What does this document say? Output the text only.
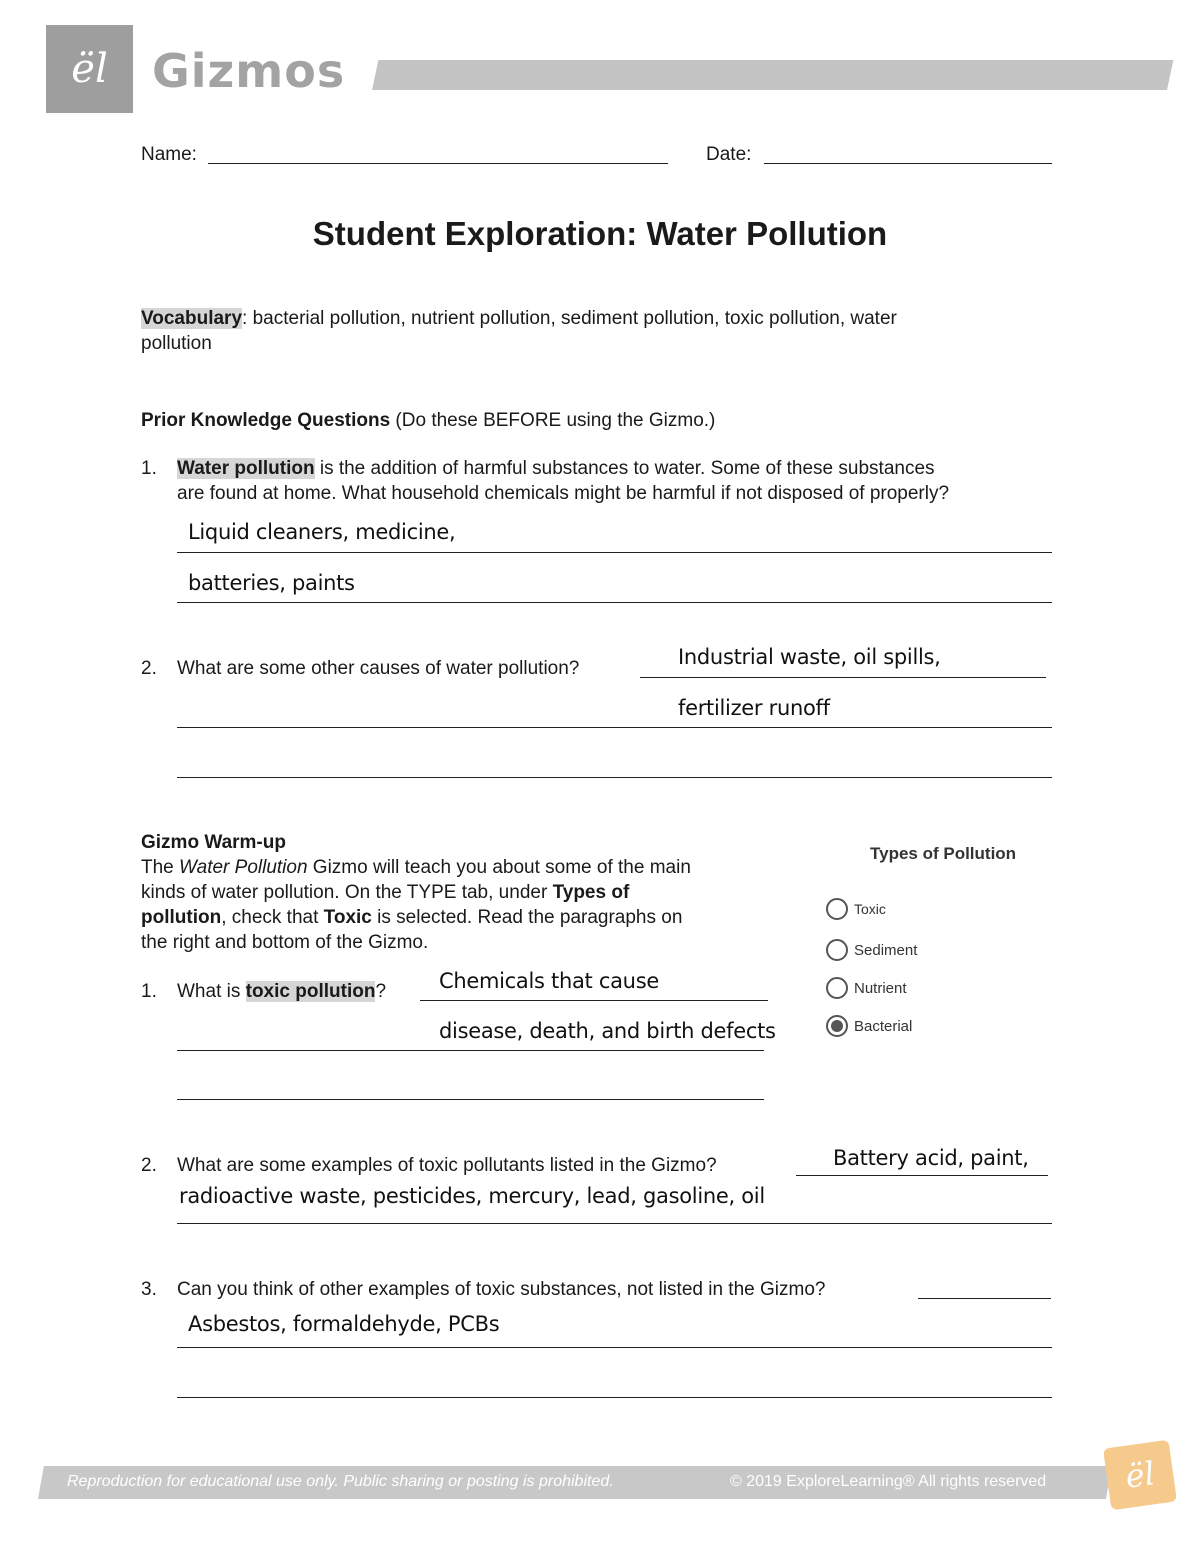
ël Gizmos
Name:	Date:
Student Exploration: Water Pollution
Vocabulary: bacterial pollution, nutrient pollution, sediment pollution, toxic pollution, water
pollution
Prior Knowledge Questions (Do these BEFORE using the Gizmo.)
1. Water pollution is the addition of harmful substances to water. Some of these substances
are found at home. What household chemicals might be harmful if not disposed of properly?
Liquid cleaners, medicine,
batteries, paints
2. What are some other causes of water pollution?	Industrial waste, oil spills,
fertilizer runoff
Gizmo Warm-up
The Water Pollution Gizmo will teach you about some of the main
kinds of water pollution. On the TYPE tab, under Types of
pollution, check that Toxic is selected. Read the paragraphs on
the right and bottom of the Gizmo.
Types of Pollution
Toxic
Sediment
Nutrient
Bacterial
1. What is toxic pollution?	Chemicals that cause
disease, death, and birth defects
2. What are some examples of toxic pollutants listed in the Gizmo?	Battery acid, paint,
radioactive waste, pesticides, mercury, lead, gasoline, oil
3. Can you think of other examples of toxic substances, not listed in the Gizmo?
Asbestos, formaldehyde, PCBs
Reproduction for educational use only. Public sharing or posting is prohibited.	© 2019 ExploreLearning® All rights reserved ël
